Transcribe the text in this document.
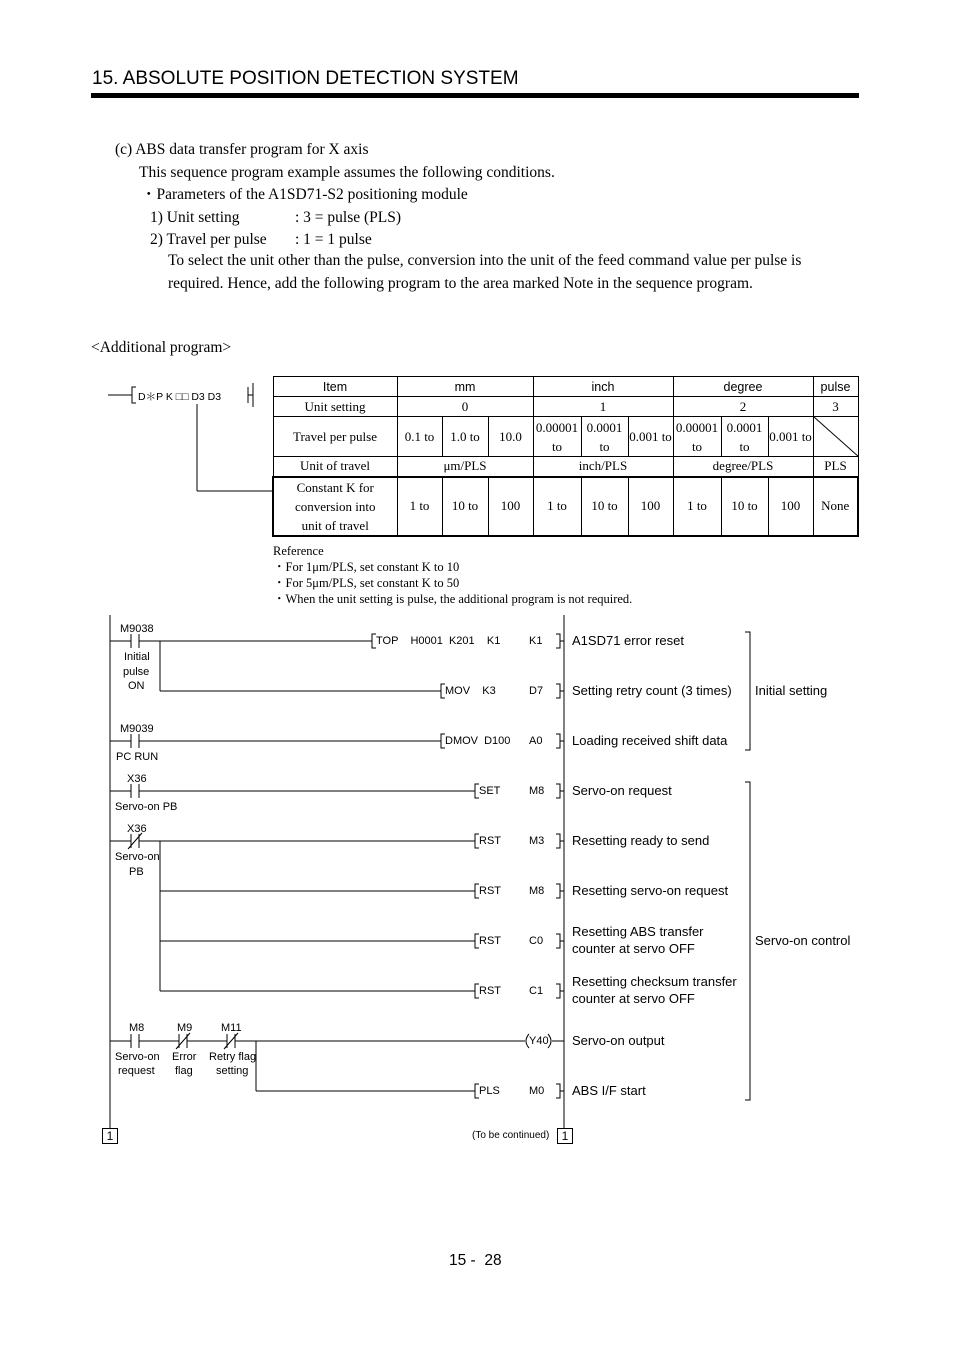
15. ABSOLUTE POSITION DETECTION SYSTEM
(c) ABS data transfer program for X axis
This sequence program example assumes the following conditions.
・Parameters of the A1SD71-S2 positioning module
1) Unit setting	: 3 = pulse (PLS)
2) Travel per pulse : 1 = 1 pulse
To select the unit other than the pulse, conversion into the unit of the feed command value per pulse is required. Hence, add the following program to the area marked Note in the sequence program.
<Additional program>
D＊P K □□ D3 D3
Item	mm			inch			degree			pulse
Unit setting	0			1			2			3
Travel per pulse	0.1 to	1.0 to	10.0	0.00001 to	0.0001 to	0.001 to	0.00001 to	0.0001 to	0.001 to	

Unit of travel	μm/PLS			inch/PLS			degree/PLS			PLS
Constant K for
conversion into
unit of travel	1 to	10 to	100	1 to	10 to	100	1 to	10 to	100	None
Reference
・For 1μm/PLS, set constant K to 10
・For 5μm/PLS, set constant K to 50
・When the unit setting is pulse, the additional program is not required.
M9038
Initial
pulse
ON
M9039
PC RUN
X36
Servo-on PB
X36
Servo-on
PB
M8
Servo-on
request
M9
Error
flag
M11
Retry flag
setting
TOP    H0001  K201    K1
MOV    K3
DMOV  D100
SET
RST
RST
RST
RST
Y40
PLS
K1
D7
A0
M8
M3
M8
C0
C1
M0
A1SD71 error reset
Setting retry count (3 times)
Loading received shift data
Servo-on request
Resetting ready to send
Resetting servo-on request
Resetting ABS transfer
counter at servo OFF
Resetting checksum transfer
counter at servo OFF
Servo-on output
ABS I/F start
Initial setting
Servo-on control
1	(To be continued)	1
15 -  28
